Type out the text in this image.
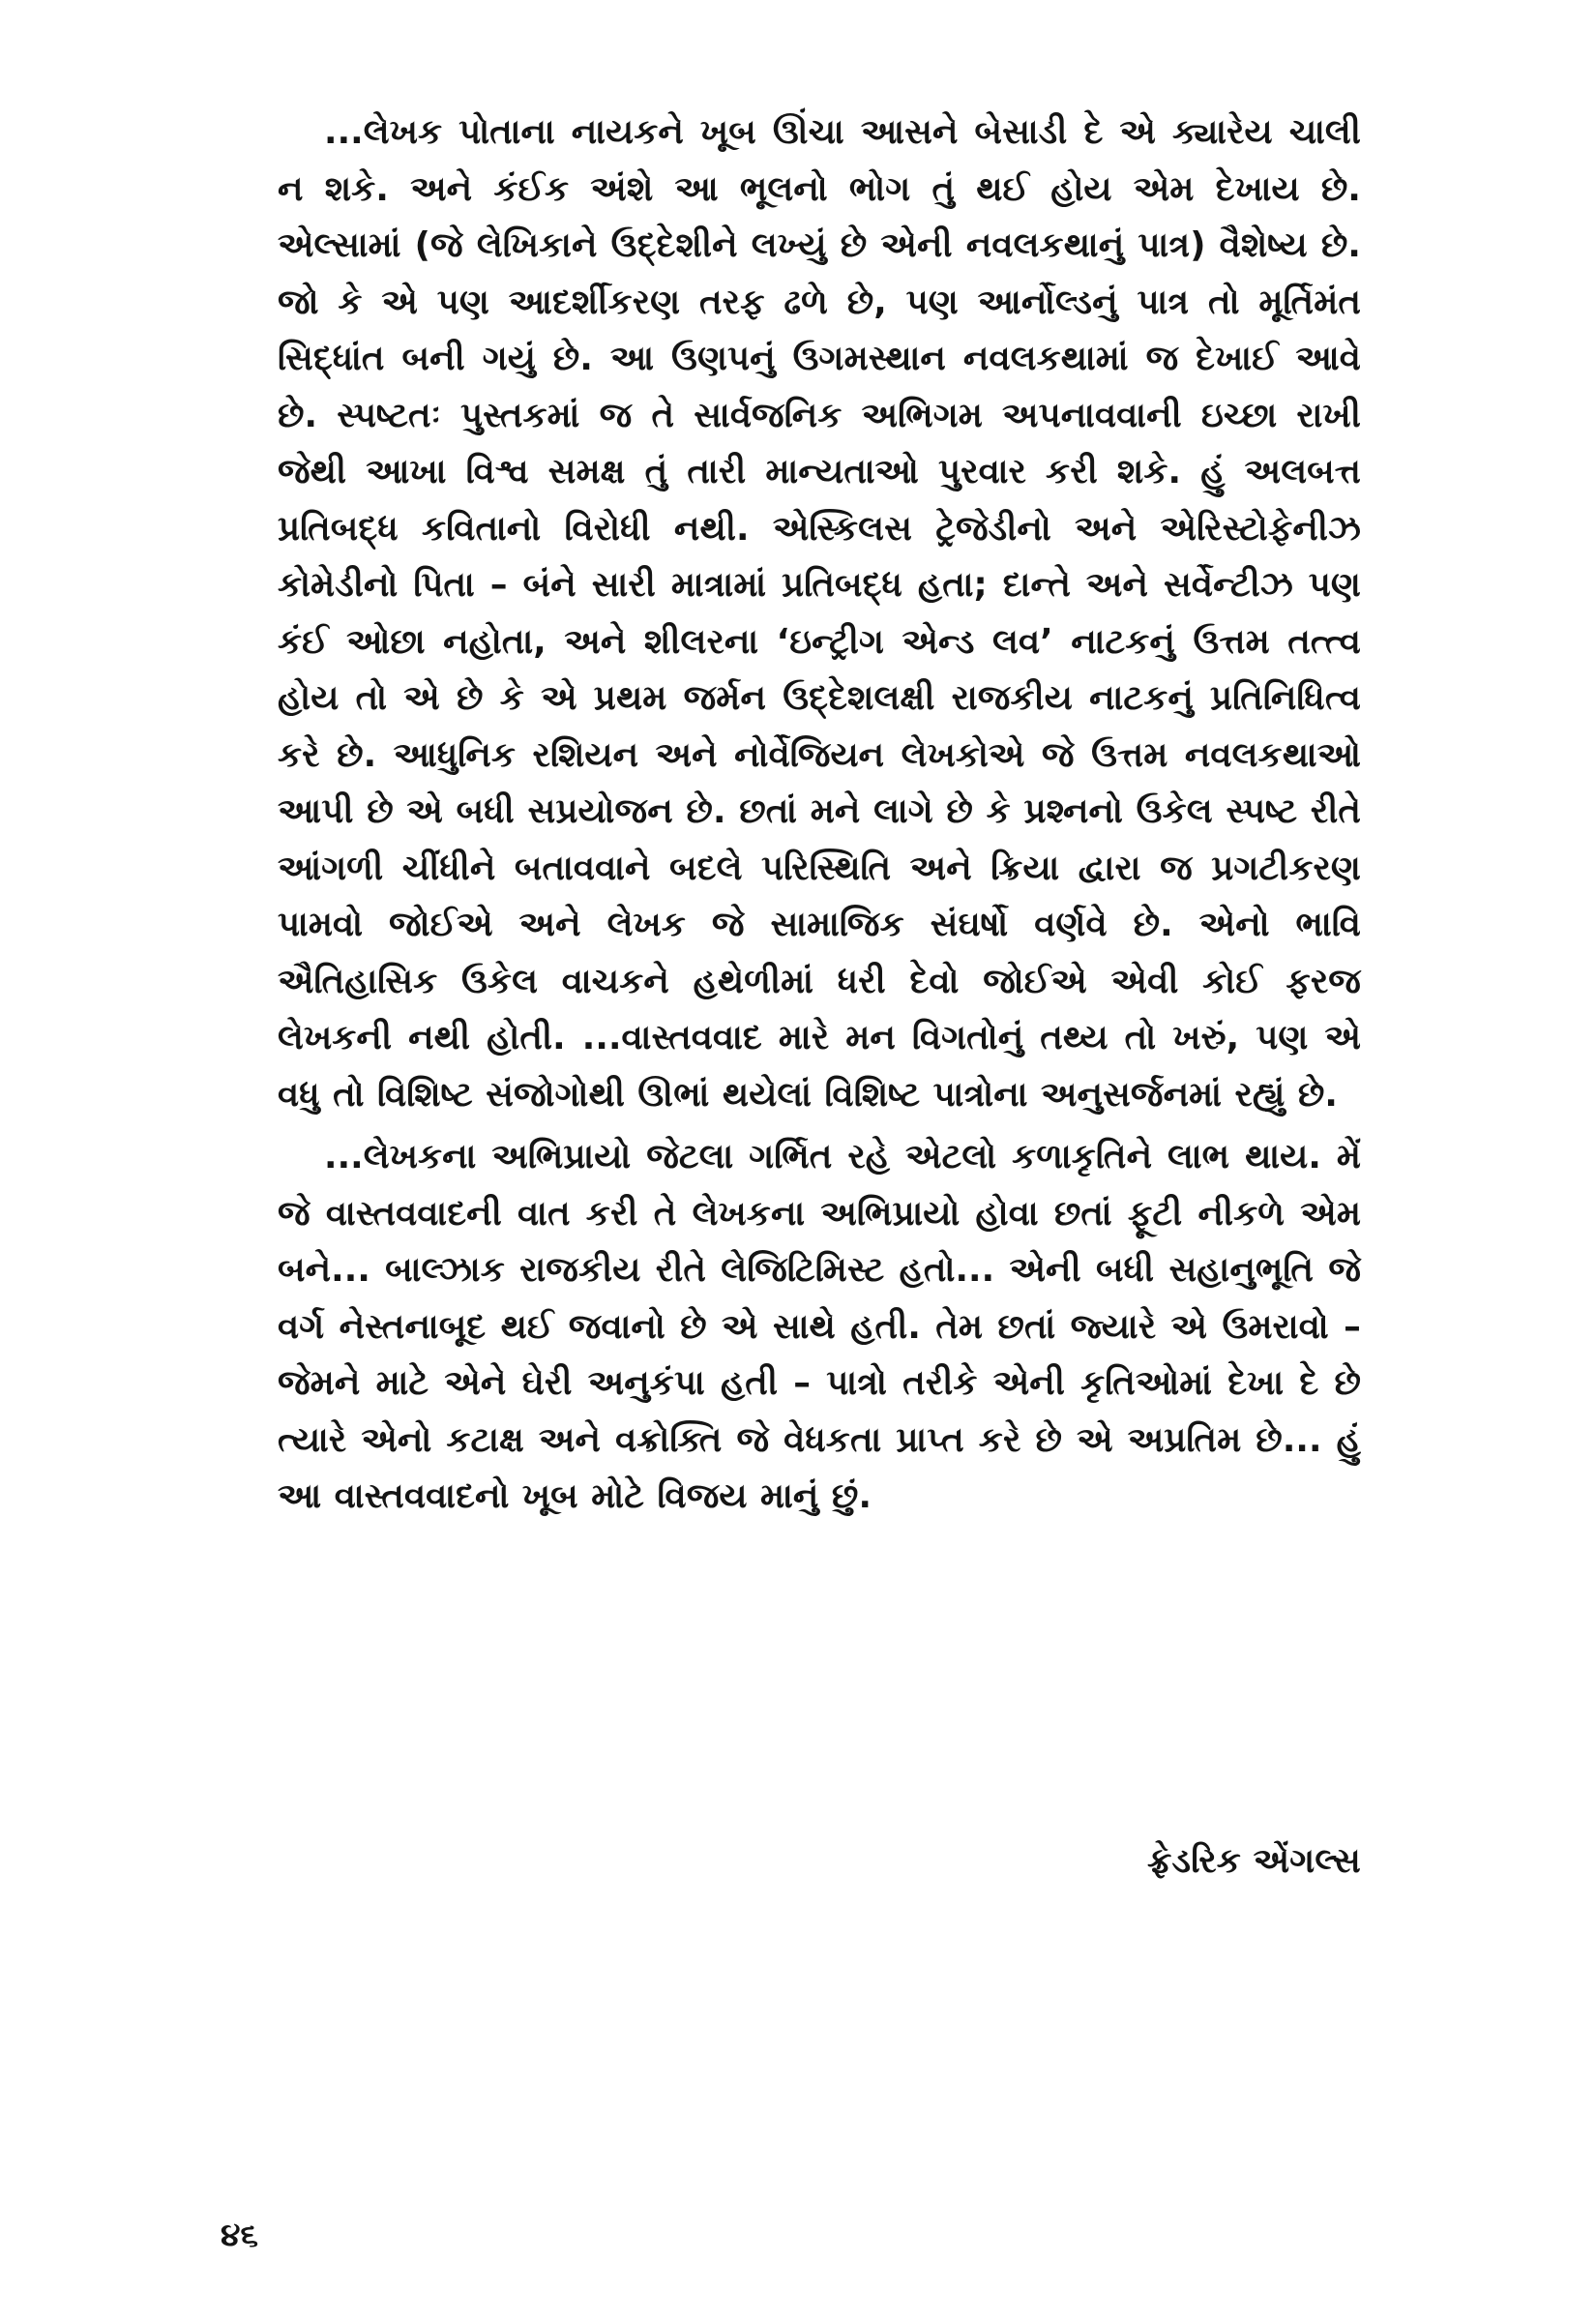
...લેખક પોતાના નાયકને ખૂબ ઊંચા આસને બેસાડી દે એ ક્યારેય ચાલી ન શકે. અને કંઈક અંશે આ ભૂલનો ભોગ તું થઈ હોય એમ દેખાય છે. એલ્સામાં (જે લેખિકાને ઉદ્દેશીને લખ્યું છે એની નવલકથાનું પાત્ર) વૈશેષ્ય છે. જો કે એ પણ આદર્શીકરણ તરફ ઢળે છે, પણ આર્નોલ્ડનું પાત્ર તો મૂર્તિમંત સિદ્ધાંત બની ગયું છે. આ ઉણપનું ઉગમસ્થાન નવલકથામાં જ દેખાઈ આવે છે. સ્પષ્ટતઃ પુસ્તકમાં જ તે સાર્વજનિક અભિગમ અપનાવવાની ઇચ્છા રાખી જેથી આખા વિશ્વ સમક્ષ તું તારી માન્યતાઓ પુરવાર કરી શકે. હું અલબત્ત પ્રતિબદ્ધ કવિતાનો વિરોધી નથી. એસ્કિલસ ટ્રેજેડીનો અને એરિસ્ટોફેનીઝ કોમેડીનો પિતા – બંને સારી માત્રામાં પ્રતિબદ્ધ હતા; દાન્તે અને સર્વેન્ટીઝ પણ કંઈ ઓછા નહોતા, અને શીલરના ‘ઇન્ટ્રીગ એન્ડ લવ’ નાટકનું ઉત્તમ તત્ત્વ હોય તો એ છે કે એ પ્રથમ જર્મન ઉદ્દેશલક્ષી રાજકીય નાટકનું પ્રતિનિધિત્વ કરે છે. આધુનિક રશિયન અને નોર્વેજિયન લેખકોએ જે ઉત્તમ નવલકથાઓ આપી છે એ બધી સપ્રયોજન છે. છતાં મને લાગે છે કે પ્રશ્નનો ઉકેલ સ્પષ્ટ રીતે આંગળી ચીંધીને બતાવવાને બદલે પરિસ્થિતિ અને ક્રિયા દ્વારા જ પ્રગટીકરણ પામવો જોઈએ અને લેખક જે સામાજિક સંઘર્ષો વર્ણવે છે. એનો ભાવિ ઐતિહાસિક ઉકેલ વાચકને હથેળીમાં ધરી દેવો જોઈએ એવી કોઈ ફરજ લેખકની નથી હોતી. ...વાસ્તવવાદ મારે મન વિગતોનું તથ્ય તો ખરું, પણ એ વધુ તો વિશિષ્ટ સંજોગોથી ઊભાં થયેલાં વિશિષ્ટ પાત્રોના અનુસર્જનમાં રહ્યું છે.

...લેખકના અભિપ્રાયો જેટલા ગર્ભિત રહે એટલો કળાકૃતિને લાભ થાય. મેં જે વાસ્તવવાદની વાત કરી તે લેખકના અભિપ્રાયો હોવા છતાં ફૂટી નીકળે એમ બને... બાલ્ઝાક રાજકીય રીતે લેજિટિમિસ્ટ હતો... એની બધી સહાનુભૂતિ જે વર્ગ નેસ્તનાબૂદ થઈ જવાનો છે એ સાથે હતી. તેમ છતાં જ્યારે એ ઉમરાવો – જેમને માટે એને ઘેરી અનુકંપા હતી – પાત્રો તરીકે એની કૃતિઓમાં દેખા દે છે ત્યારે એનો કટાક્ષ અને વક્રોક્તિ જે વેધકતા પ્રાપ્ત કરે છે એ અપ્રતિમ છે... હું આ વાસ્તવવાદનો ખૂબ મોટે વિજય માનું છું.

ફ્રેડરિક એંગલ્સ
૪૬
